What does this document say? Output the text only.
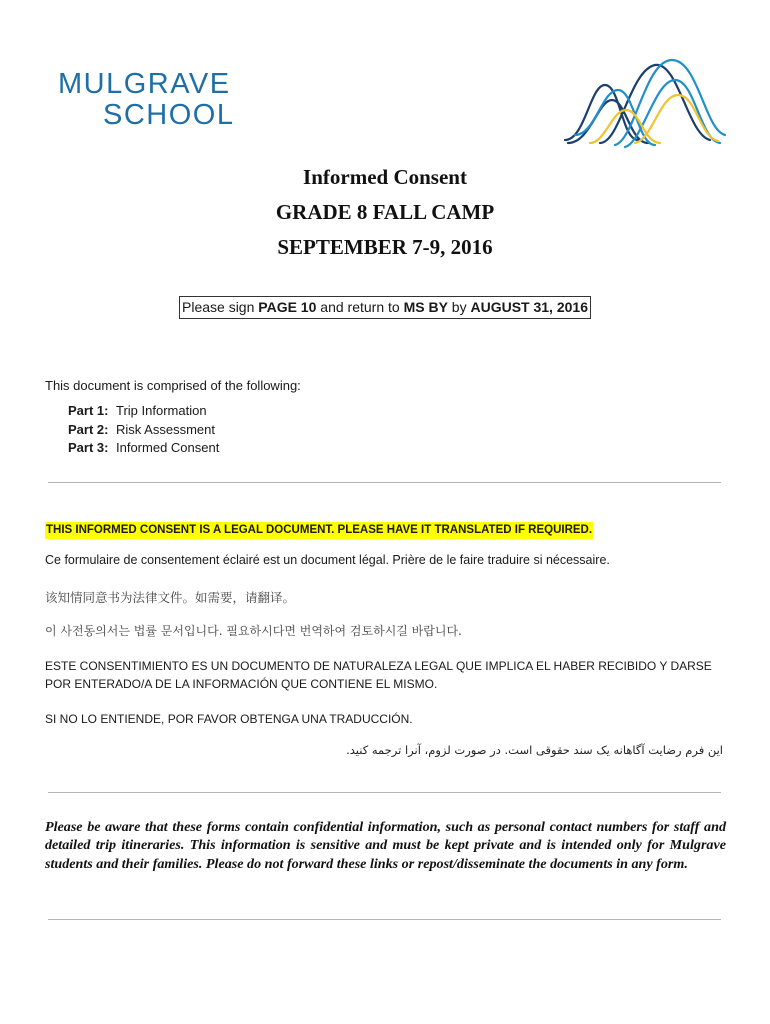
MULGRAVE
SCHOOL
Informed Consent
GRADE 8 FALL CAMP
SEPTEMBER 7-9, 2016
Please sign PAGE 10 and return to MS BY by AUGUST 31, 2016
This document is comprised of the following:
Part 1: Trip Information
Part 2: Risk Assessment
Part 3: Informed Consent
THIS INFORMED CONSENT IS A LEGAL DOCUMENT. PLEASE HAVE IT TRANSLATED IF REQUIRED.
Ce formulaire de consentement éclairé est un document légal. Prière de le faire traduire si nécessaire.
该知情同意书为法律文件。如需要，请翻译。
이 사전동의서는 법률 문서입니다. 필요하시다면 번역하여 검토하시길 바랍니다.
ESTE CONSENTIMIENTO ES UN DOCUMENTO DE NATURALEZA LEGAL QUE IMPLICA EL HABER RECIBIDO Y DARSE POR ENTERADO/A DE LA INFORMACIÓN QUE CONTIENE EL MISMO.
SI NO LO ENTIENDE, POR FAVOR OBTENGA UNA TRADUCCIÓN.
این فرم رضایت آگاهانه یک سند حقوقی است. در صورت لزوم، آنرا ترجمه کنید.
Please be aware that these forms contain confidential information, such as personal contact numbers for staff and detailed trip itineraries. This information is sensitive and must be kept private and is intended only for Mulgrave students and their families. Please do not forward these links or repost/disseminate the documents in any form.
